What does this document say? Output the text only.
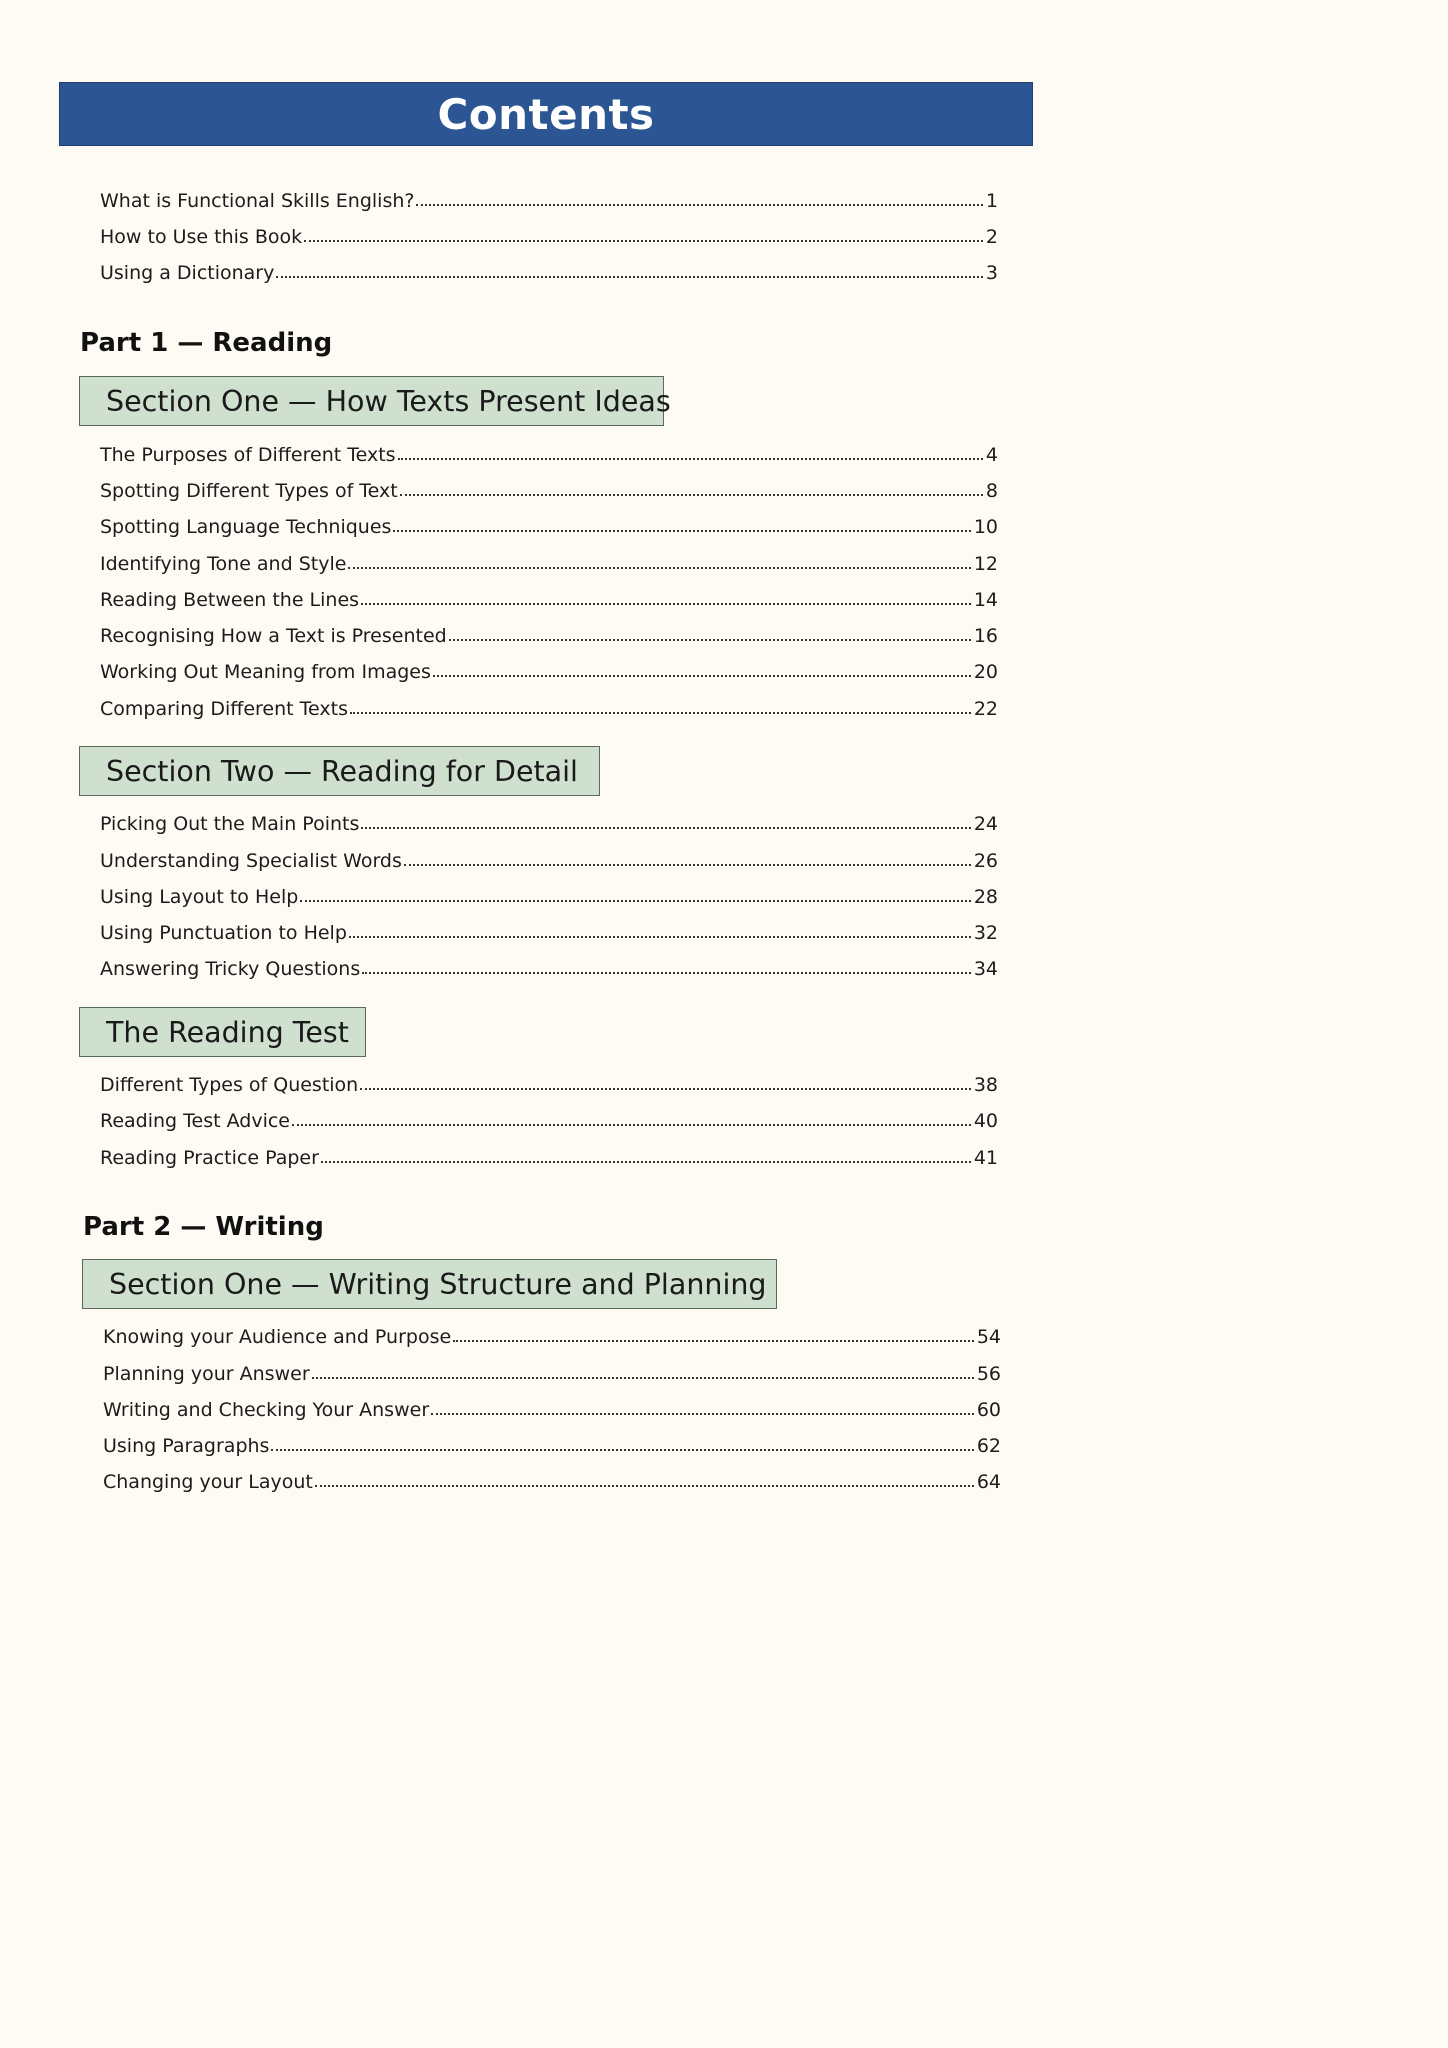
Contents
What is Functional Skills English?	1
How to Use this Book	2
Using a Dictionary	3
Part 1 — Reading
Section One — How Texts Present Ideas
The Purposes of Different Texts	4
Spotting Different Types of Text	8
Spotting Language Techniques	10
Identifying Tone and Style	12
Reading Between the Lines	14
Recognising How a Text is Presented	16
Working Out Meaning from Images	20
Comparing Different Texts	22
Section Two — Reading for Detail
Picking Out the Main Points	24
Understanding Specialist Words	26
Using Layout to Help	28
Using Punctuation to Help	32
Answering Tricky Questions	34
The Reading Test
Different Types of Question	38
Reading Test Advice	40
Reading Practice Paper	41
Part 2 — Writing
Section One — Writing Structure and Planning
Knowing your Audience and Purpose	54
Planning your Answer	56
Writing and Checking Your Answer	60
Using Paragraphs	62
Changing your Layout	64
